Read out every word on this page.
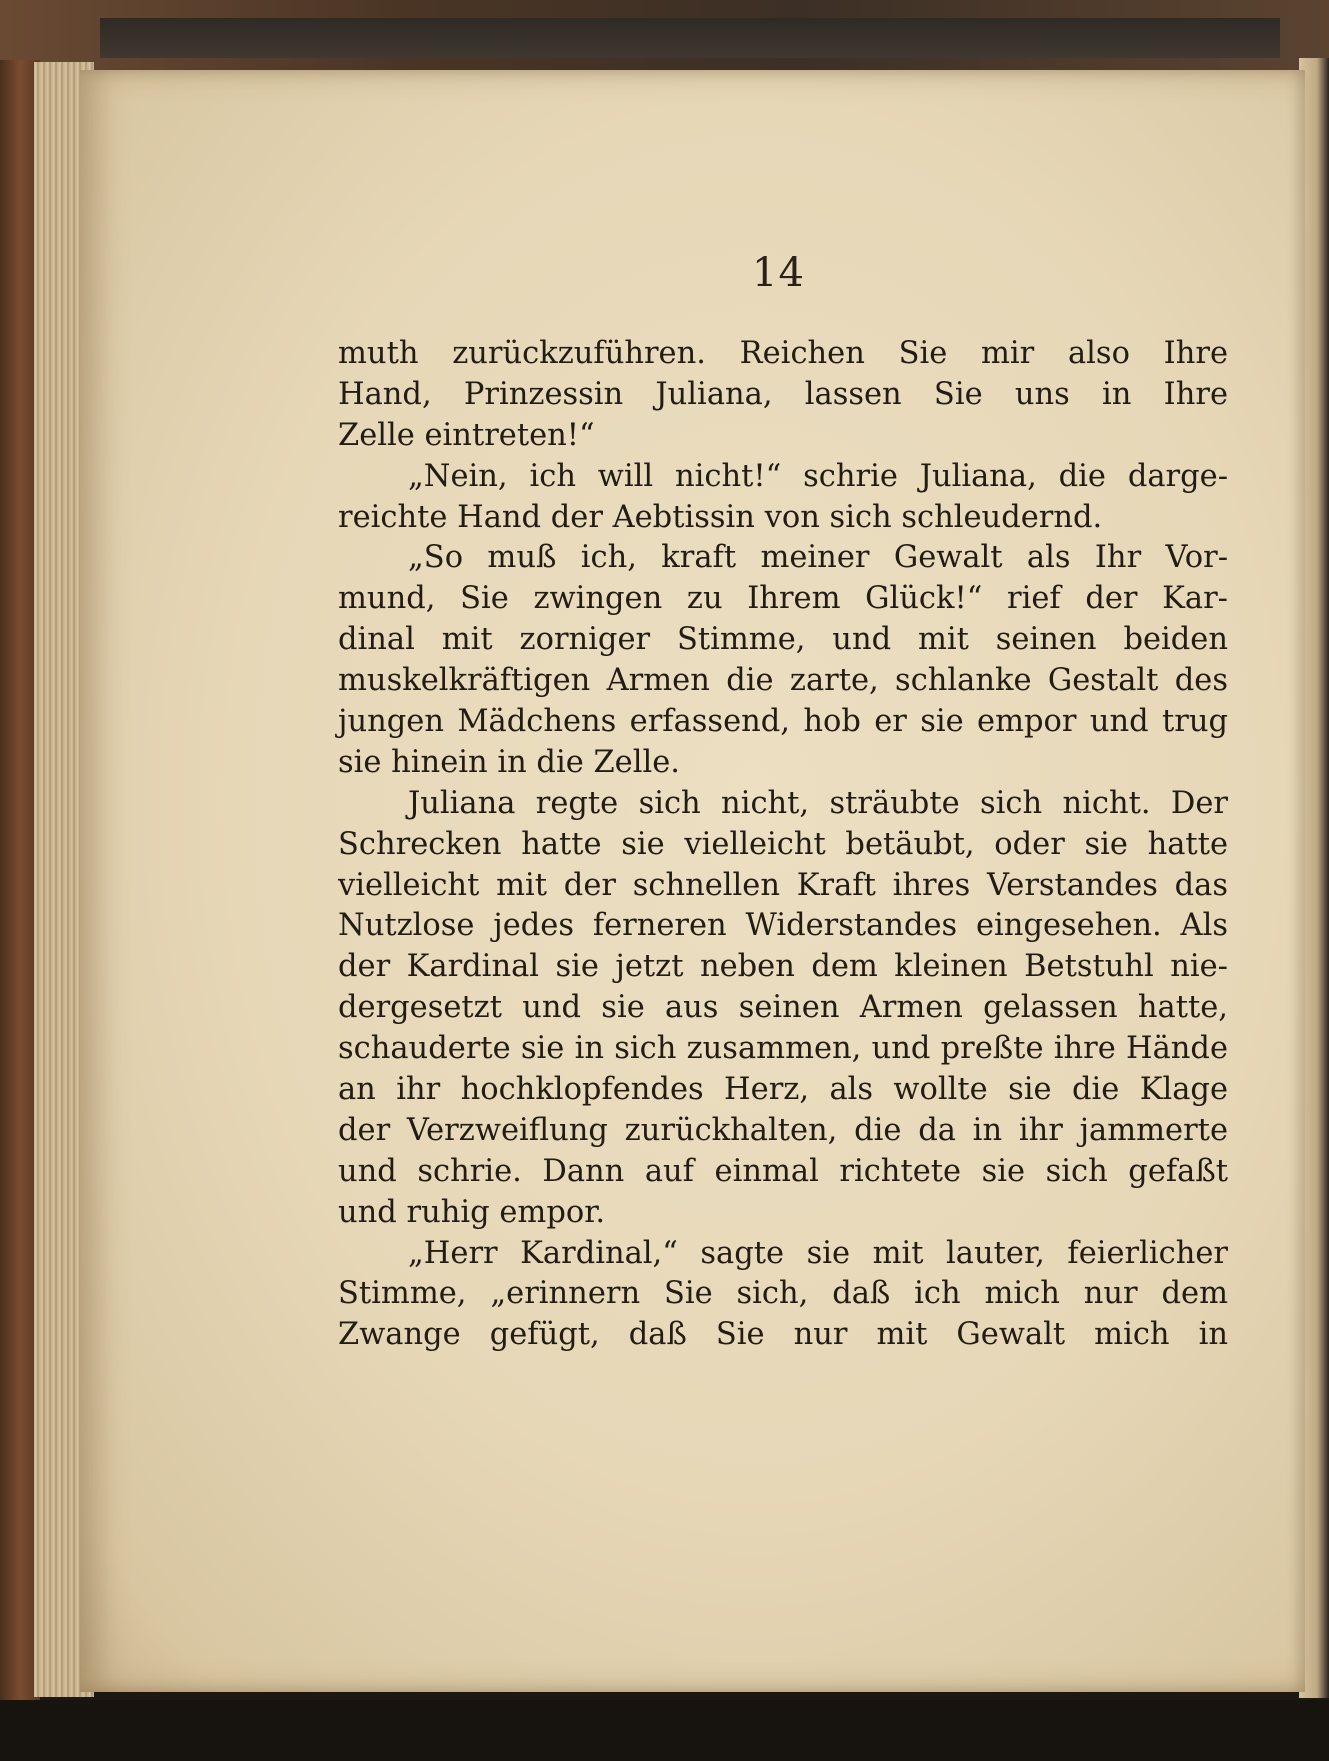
14
muth zurückzuführen. Reichen Sie mir also Ihre
Hand, Prinzessin Juliana, lassen Sie uns in Ihre
Zelle eintreten!“
„Nein, ich will nicht!“ schrie Juliana, die darge-
reichte Hand der Aebtissin von sich schleudernd.
„So muß ich, kraft meiner Gewalt als Ihr Vor-
mund, Sie zwingen zu Ihrem Glück!“ rief der Kar-
dinal mit zorniger Stimme, und mit seinen beiden
muskelkräftigen Armen die zarte, schlanke Gestalt des
jungen Mädchens erfassend, hob er sie empor und trug
sie hinein in die Zelle.
Juliana regte sich nicht, sträubte sich nicht. Der
Schrecken hatte sie vielleicht betäubt, oder sie hatte
vielleicht mit der schnellen Kraft ihres Verstandes das
Nutzlose jedes ferneren Widerstandes eingesehen. Als
der Kardinal sie jetzt neben dem kleinen Betstuhl nie-
dergesetzt und sie aus seinen Armen gelassen hatte,
schauderte sie in sich zusammen, und preßte ihre Hände
an ihr hochklopfendes Herz, als wollte sie die Klage
der Verzweiflung zurückhalten, die da in ihr jammerte
und schrie. Dann auf einmal richtete sie sich gefaßt
und ruhig empor.
„Herr Kardinal,“ sagte sie mit lauter, feierlicher
Stimme, „erinnern Sie sich, daß ich mich nur dem
Zwange gefügt, daß Sie nur mit Gewalt mich in
